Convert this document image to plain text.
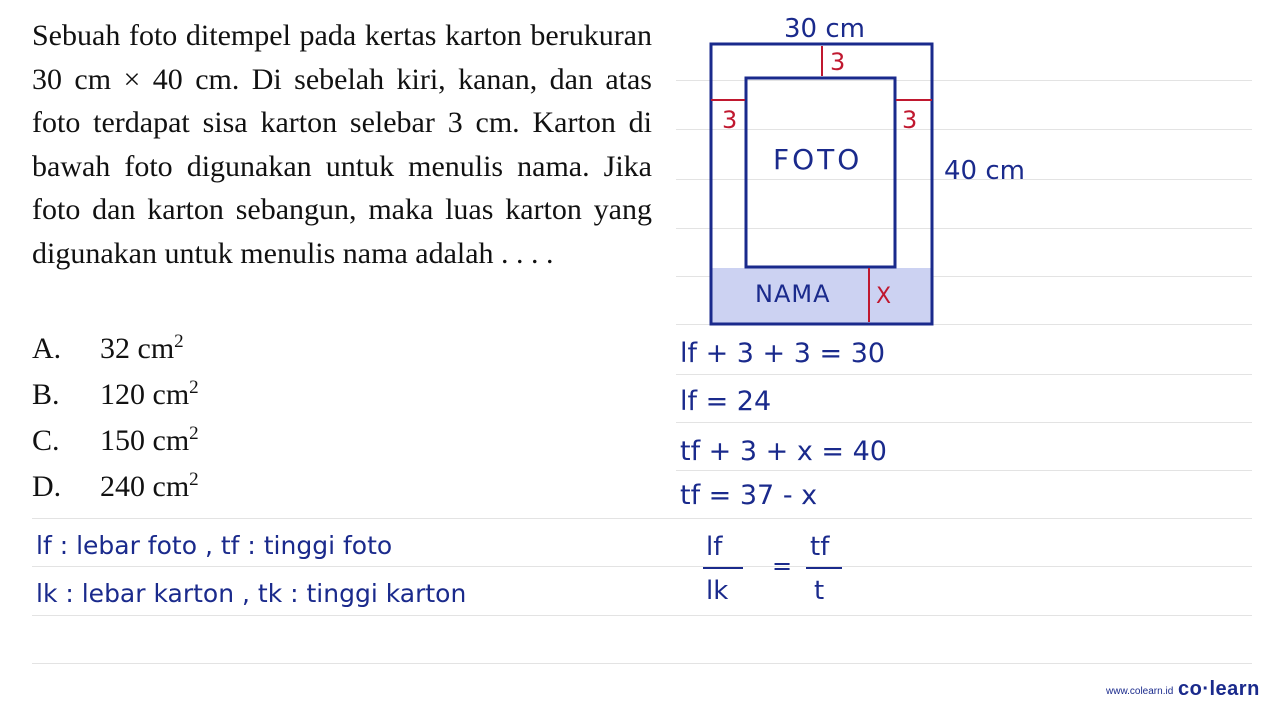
Sebuah foto ditempel pada kertas karton berukuran 30 cm × 40 cm. Di sebelah kiri, kanan, dan atas foto terdapat sisa karton selebar 3 cm. Karton di bawah foto digunakan untuk menulis nama. Jika foto dan karton sebangun, maka luas karton yang digunakan untuk menulis nama adalah . . . .
A. 32 $cm^2$
B. 120 $cm^2$
C. 150 $cm^2$
D. 240 $cm^2$
30 cm
40 cm
3
3	3
FOTO
NAMA X
lf + 3 + 3 = 30
lf = 24
tf + 3 + x = 40
tf = 37 - x
lf
lk
=
tf
t
lf : lebar foto , tf : tinggi foto
lk : lebar karton , tk : tinggi karton
www.colearn.id co·learn
